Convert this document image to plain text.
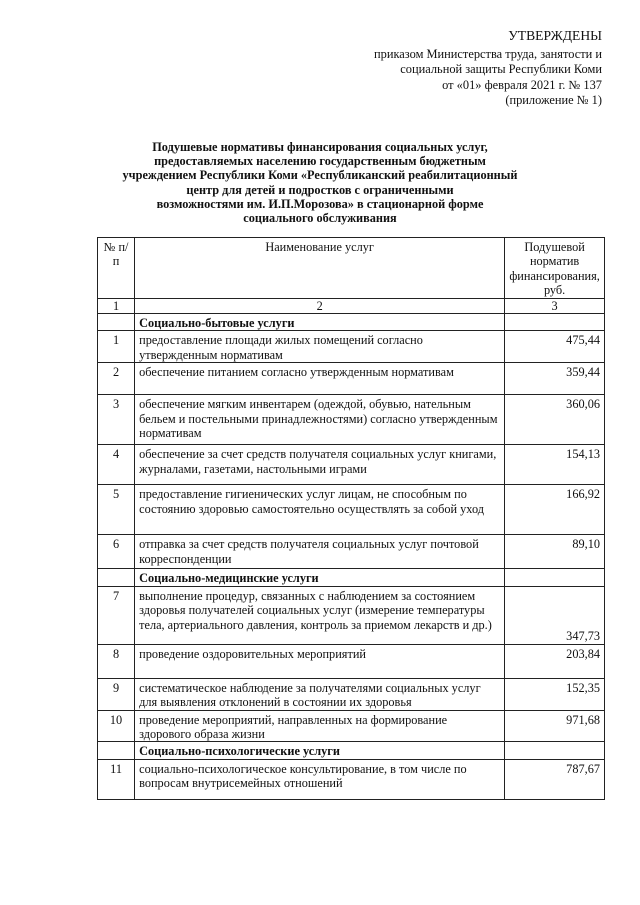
УТВЕРЖДЕНЫ
приказом Министерства труда, занятости и
социальной защиты Республики Коми
от «01» февраля 2021 г. № 137
(приложение № 1)
Подушевые нормативы финансирования социальных услуг,
предоставляемых населению государственным бюджетным
учреждением Республики Коми «Республиканский реабилитационный
центр для детей и подростков с ограниченными
возможностями им. И.П.Морозова» в стационарной форме
социального обслуживания
№ п/п	Наименование услуг	Подушевой норматив финансирования, руб.
1	2	3
	Социально-бытовые услуги	
1	предоставление площади жилых помещений согласно утвержденным нормативам	475,44
2	обеспечение питанием согласно утвержденным нормативам	359,44
3	обеспечение мягким инвентарем (одеждой, обувью, нательным бельем и постельными принадлежностями) согласно утвержденным нормативам	360,06
4	обеспечение за счет средств получателя социальных услуг книгами, журналами, газетами, настольными играми	154,13
5	предоставление гигиенических услуг лицам, не способным по состоянию здоровью самостоятельно осуществлять за собой уход	166,92
6	отправка за счет средств получателя социальных услуг почтовой корреспонденции	89,10
	Социально-медицинские услуги	
7	выполнение процедур, связанных с наблюдением за состоянием здоровья получателей социальных услуг (измерение температуры тела, артериального давления, контроль за приемом лекарств и др.)	347,73
8	проведение оздоровительных мероприятий	203,84
9	систематическое наблюдение за получателями социальных услуг для выявления отклонений в состоянии их здоровья	152,35
10	проведение мероприятий, направленных на формирование здорового образа жизни	971,68
	Социально-психологические услуги	
11	социально-психологическое консультирование, в том числе по вопросам внутрисемейных отношений	787,67
